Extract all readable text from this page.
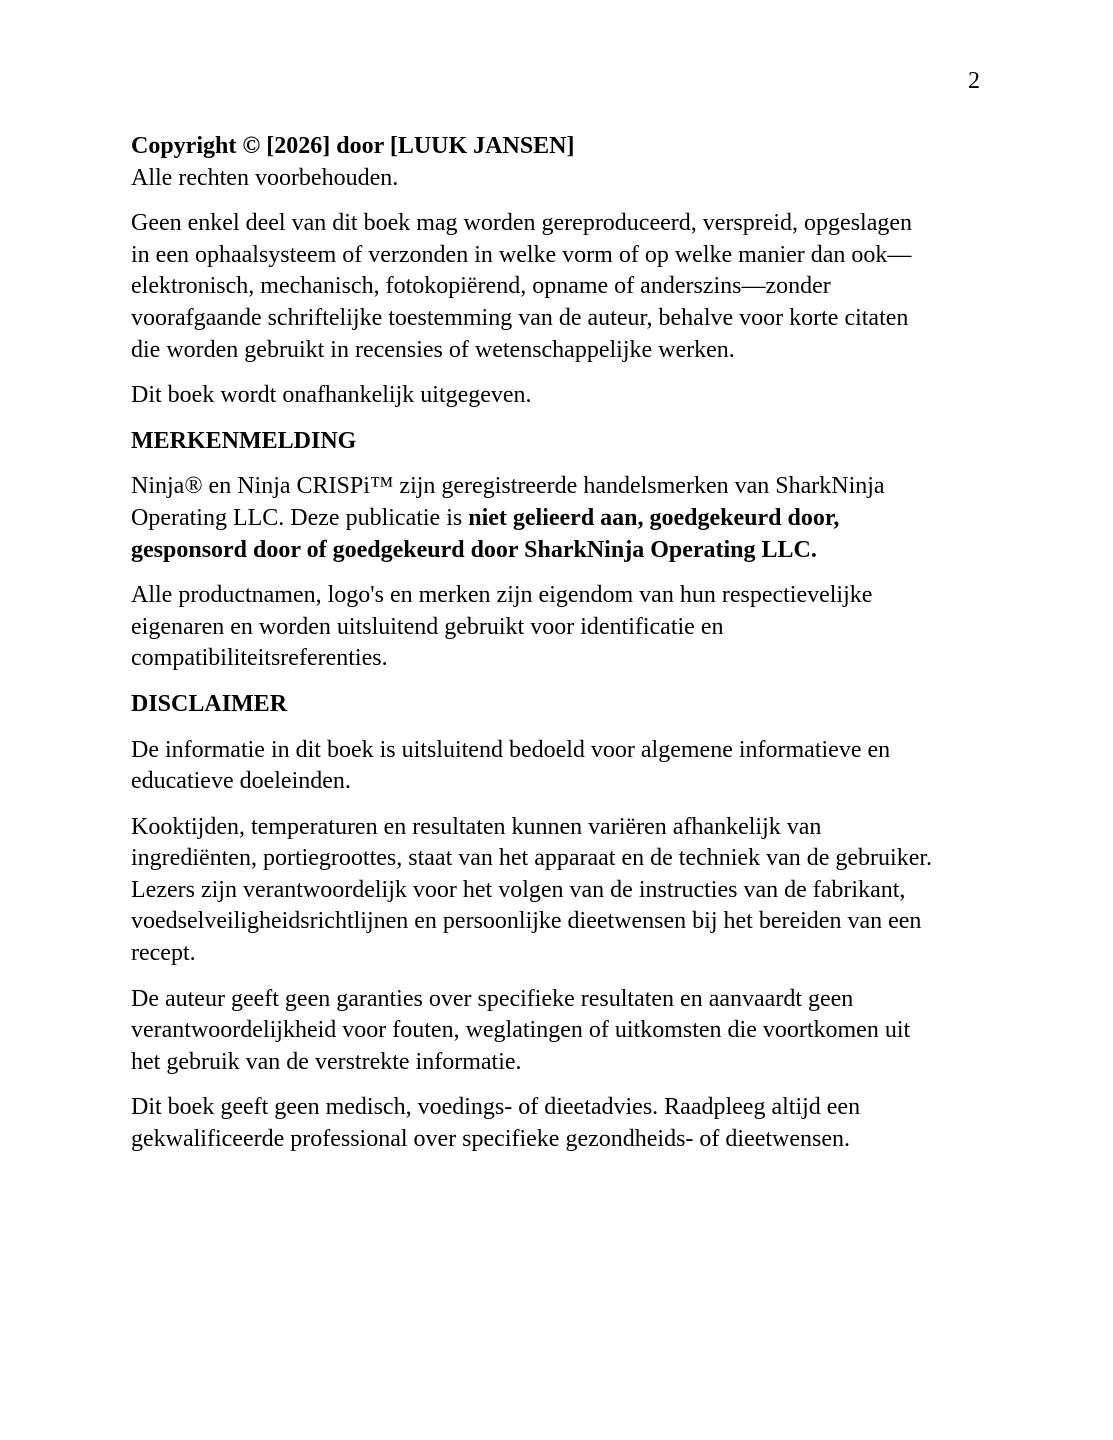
2

Copyright © [2026] door [LUUK JANSEN]
Alle rechten voorbehouden.

Geen enkel deel van dit boek mag worden gereproduceerd, verspreid, opgeslagen
in een ophaalsysteem of verzonden in welke vorm of op welke manier dan ook—
elektronisch, mechanisch, fotokopiërend, opname of anderszins—zonder
voorafgaande schriftelijke toestemming van de auteur, behalve voor korte citaten
die worden gebruikt in recensies of wetenschappelijke werken.

Dit boek wordt onafhankelijk uitgegeven.

MERKENMELDING

Ninja® en Ninja CRISPi™ zijn geregistreerde handelsmerken van SharkNinja
Operating LLC. Deze publicatie is niet gelieerd aan, goedgekeurd door,
gesponsord door of goedgekeurd door SharkNinja Operating LLC.

Alle productnamen, logo's en merken zijn eigendom van hun respectievelijke
eigenaren en worden uitsluitend gebruikt voor identificatie en
compatibiliteitsreferenties.

DISCLAIMER

De informatie in dit boek is uitsluitend bedoeld voor algemene informatieve en
educatieve doeleinden.

Kooktijden, temperaturen en resultaten kunnen variëren afhankelijk van
ingrediënten, portiegroottes, staat van het apparaat en de techniek van de gebruiker.
Lezers zijn verantwoordelijk voor het volgen van de instructies van de fabrikant,
voedselveiligheidsrichtlijnen en persoonlijke dieetwensen bij het bereiden van een
recept.

De auteur geeft geen garanties over specifieke resultaten en aanvaardt geen
verantwoordelijkheid voor fouten, weglatingen of uitkomsten die voortkomen uit
het gebruik van de verstrekte informatie.

Dit boek geeft geen medisch, voedings- of dieetadvies. Raadpleeg altijd een
gekwalificeerde professional over specifieke gezondheids- of dieetwensen.
